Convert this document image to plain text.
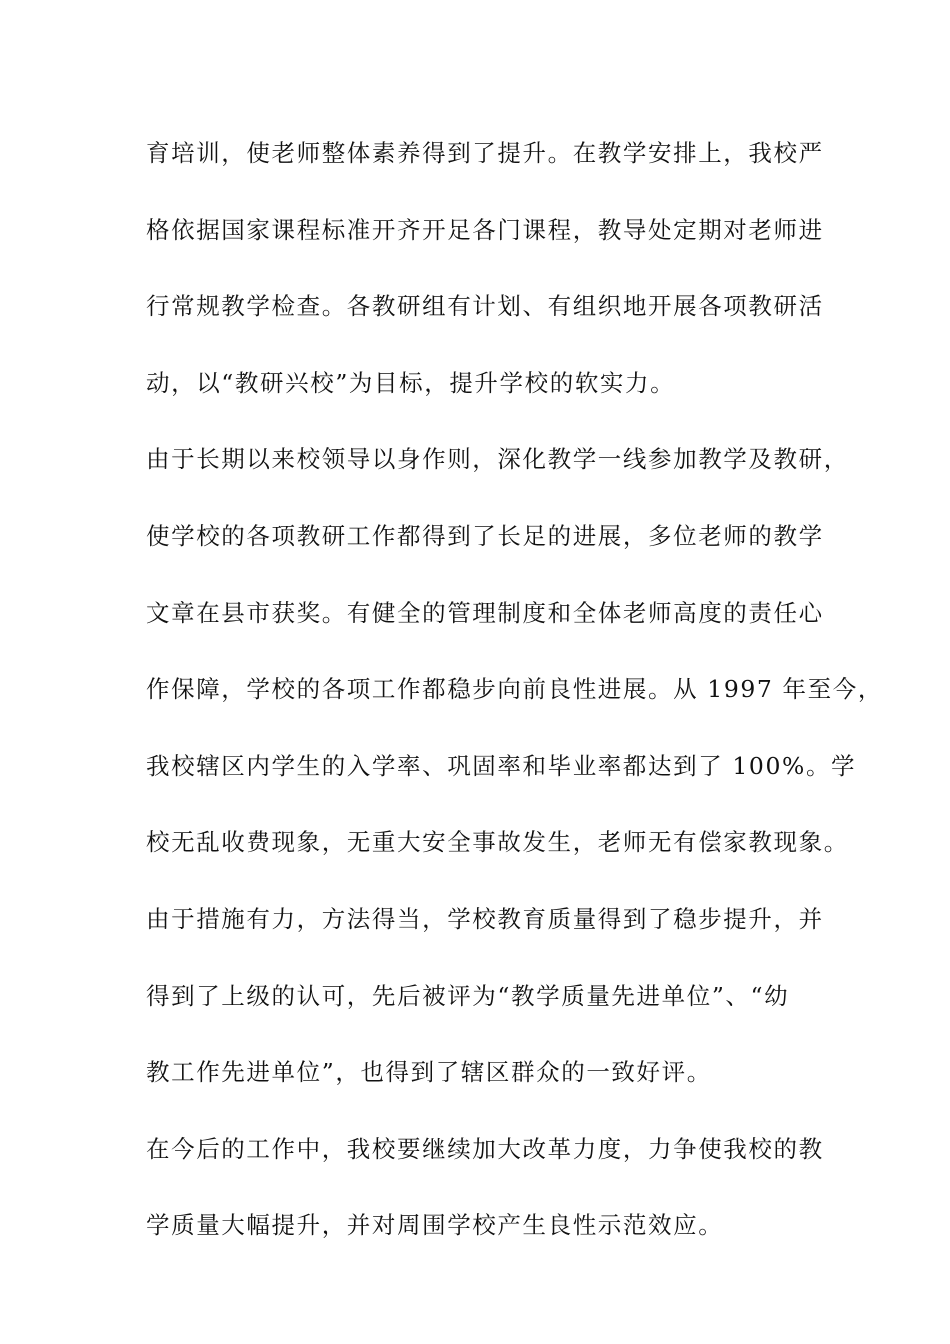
育培训，使老师整体素养得到了提升。在教学安排上，我校严
格依据国家课程标准开齐开足各门课程，教导处定期对老师进
行常规教学检查。各教研组有计划、有组织地开展各项教研活
动，以“教研兴校”为目标，提升学校的软实力。
由于长期以来校领导以身作则，深化教学一线参加教学及教研，
使学校的各项教研工作都得到了长足的进展，多位老师的教学
文章在县市获奖。有健全的管理制度和全体老师高度的责任心
作保障，学校的各项工作都稳步向前良性进展。从 1997 年至今，
我校辖区内学生的入学率、巩固率和毕业率都达到了 100%。学
校无乱收费现象，无重大安全事故发生，老师无有偿家教现象。
由于措施有力，方法得当，学校教育质量得到了稳步提升，并
得到了上级的认可，先后被评为“教学质量先进单位”、“幼
教工作先进单位”，也得到了辖区群众的一致好评。
在今后的工作中，我校要继续加大改革力度，力争使我校的教
学质量大幅提升，并对周围学校产生良性示范效应。
